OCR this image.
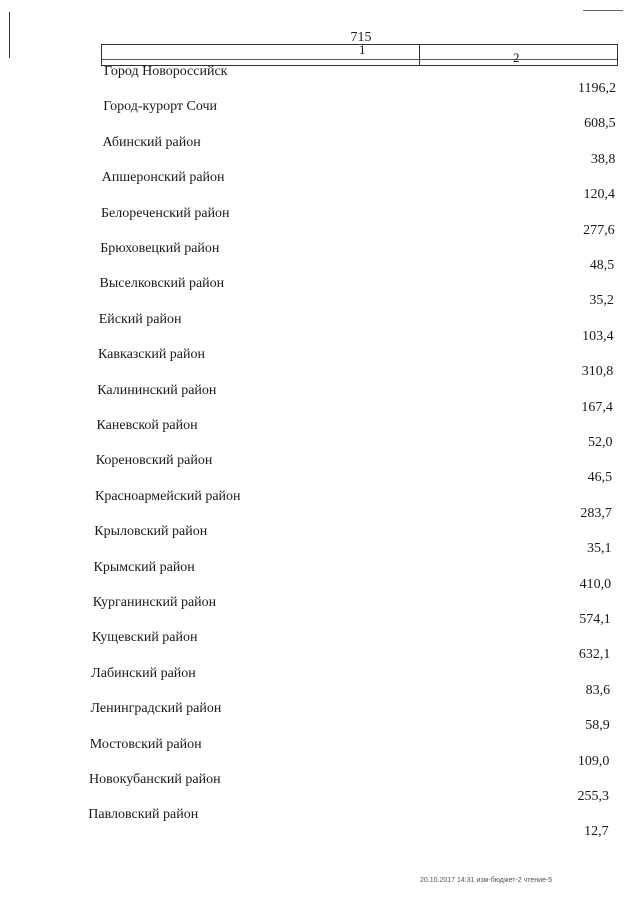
715
1
2
Город Новороссийск
1196,2
Город-курорт Сочи
608,5
Абинский район
38,8
Апшеронский район
120,4
Белореченский район
277,6
Брюховецкий район
48,5
Выселковский район
35,2
Ейский район
103,4
Кавказский район
310,8
Калининский район
167,4
Каневской район
52,0
Кореновский район
46,5
Красноармейский район
283,7
Крыловский район
35,1
Крымский район
410,0
Курганинский район
574,1
Кущевский район
632,1
Лабинский район
83,6
Ленинградский район
58,9
Мостовский район
109,0
Новокубанский район
255,3
Павловский район
12,7
20.10.2017 14:31 изм-бюджет-2 чтение-5
